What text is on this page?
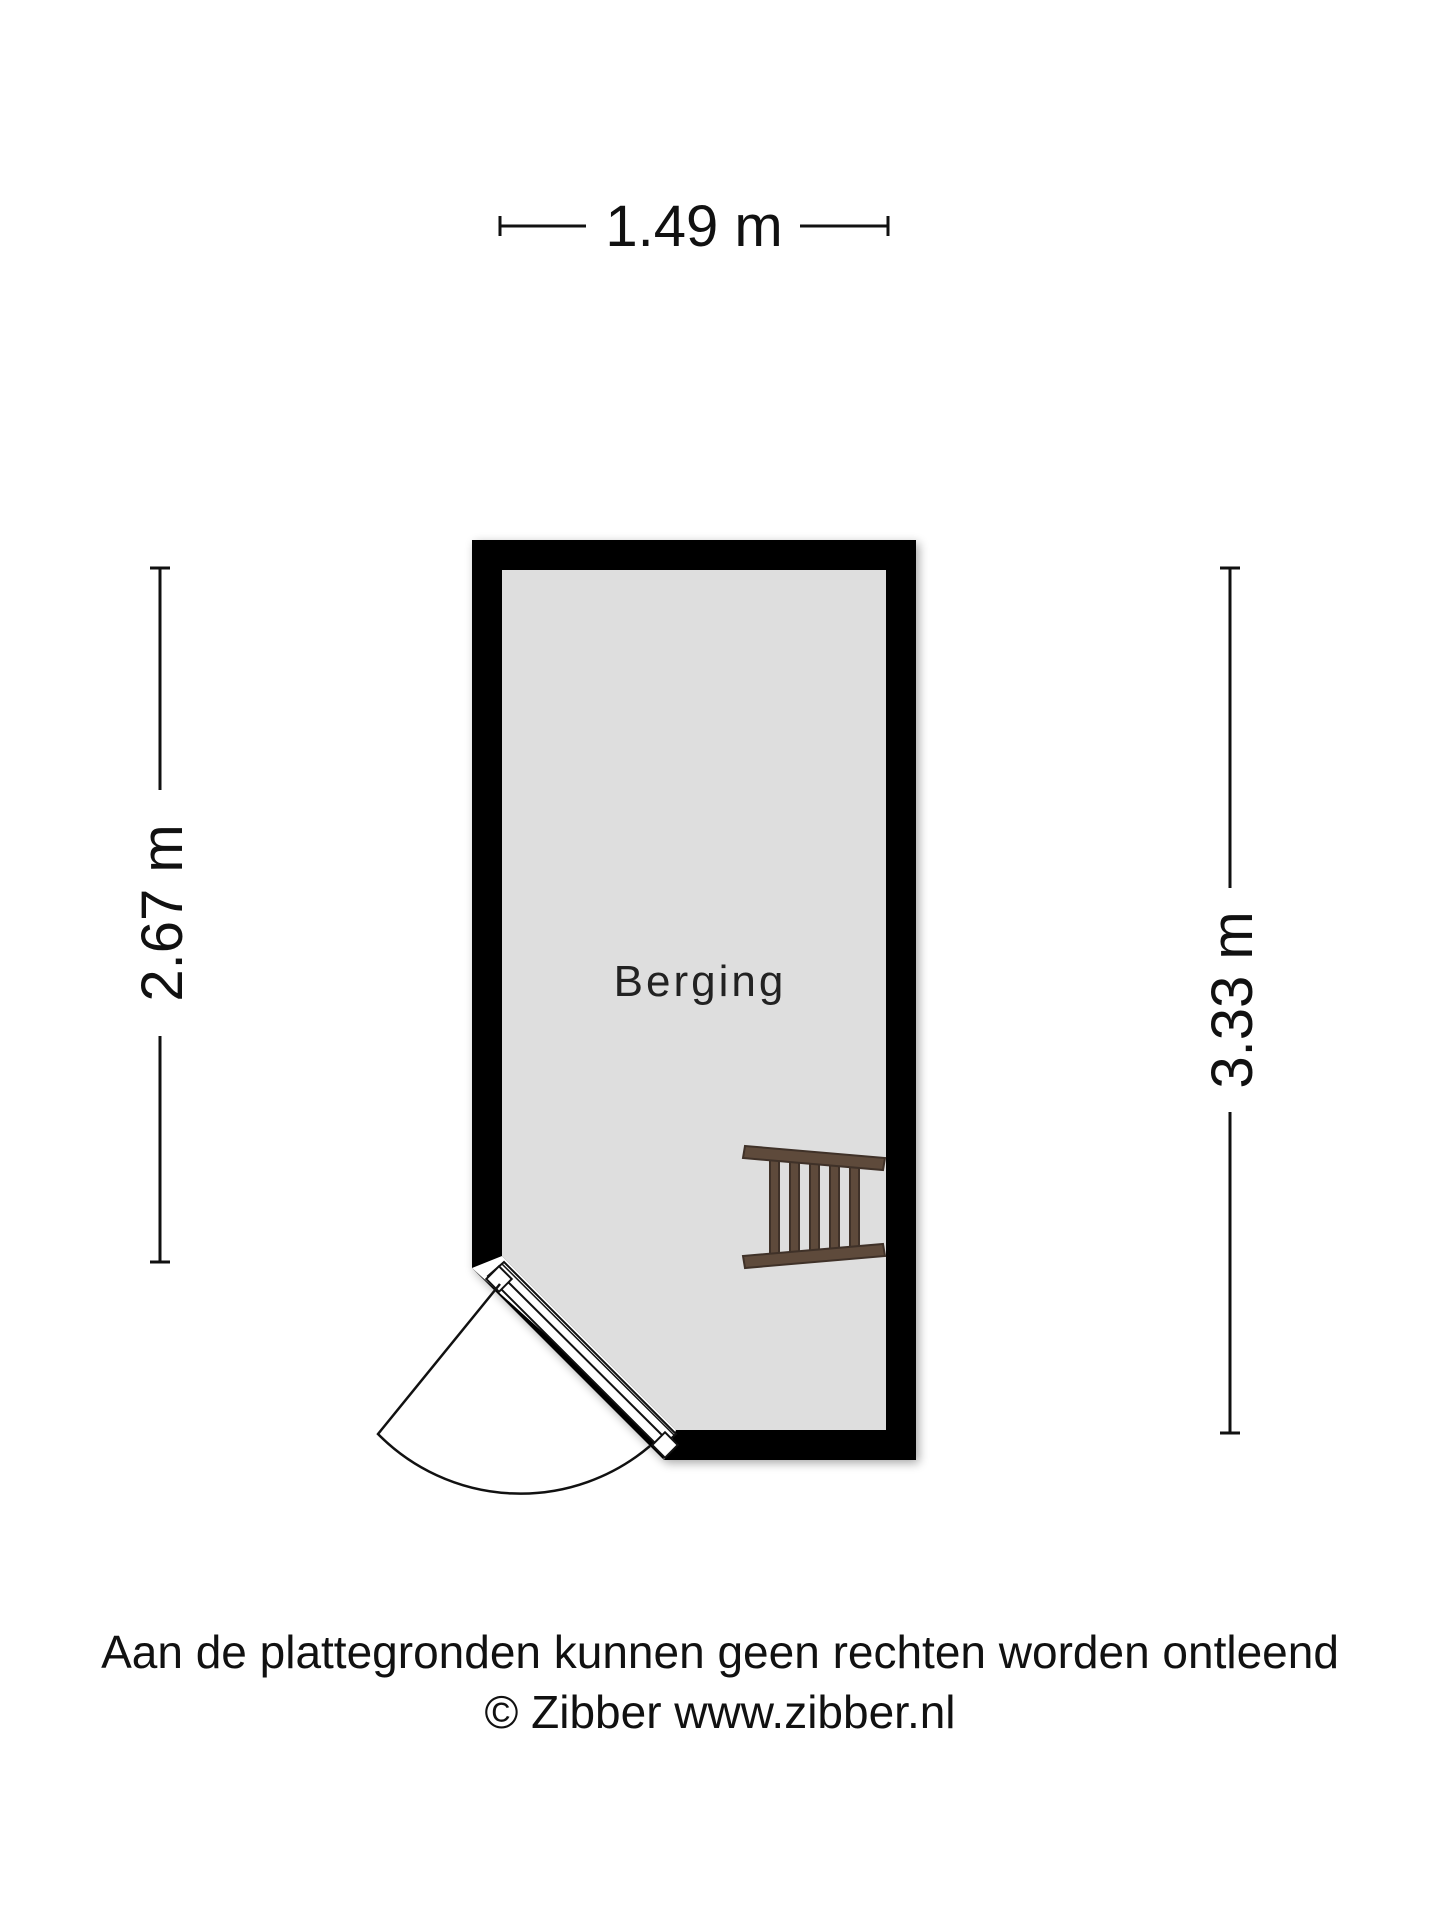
1.49 m
2.67 m	3.33 m
Berging
Aan de plattegronden kunnen geen rechten worden ontleend
© Zibber www.zibber.nl
